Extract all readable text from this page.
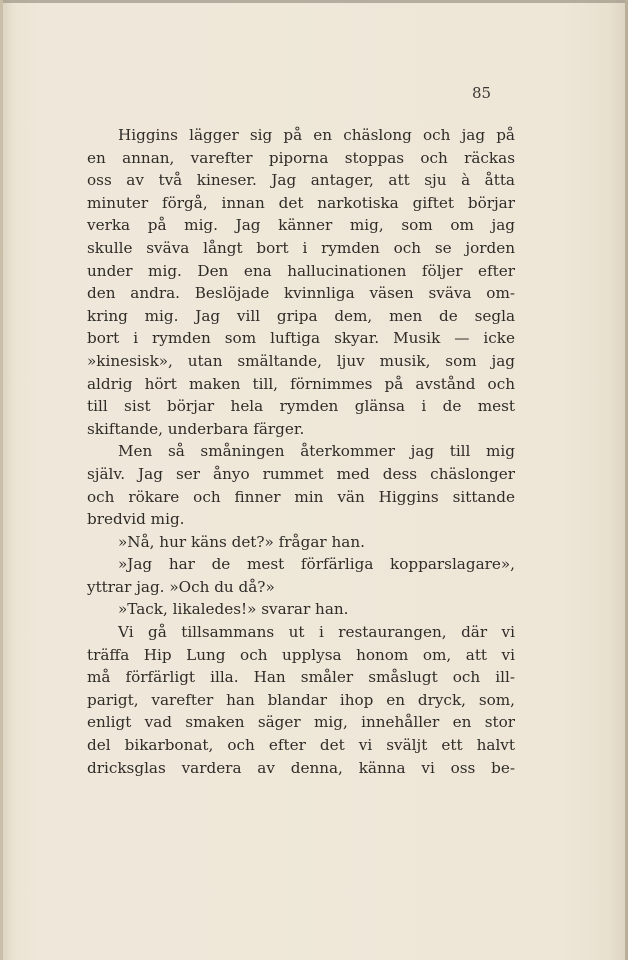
85
Higgins lägger sig på en chäslong och jag på
en annan, varefter piporna stoppas och räckas
oss av två kineser. Jag antager, att sju à åtta
minuter förgå, innan det narkotiska giftet börjar
verka på mig. Jag känner mig, som om jag
skulle sväva långt bort i rymden och se jorden
under mig. Den ena hallucinationen följer efter
den andra. Beslöjade kvinnliga väsen sväva om-
kring mig. Jag vill gripa dem, men de segla
bort i rymden som luftiga skyar. Musik — icke
»kinesisk», utan smältande, ljuv musik, som jag
aldrig hört maken till, förnimmes på avstånd och
till sist börjar hela rymden glänsa i de mest
skiftande, underbara färger.
Men så småningen återkommer jag till mig
själv. Jag ser ånyo rummet med dess chäslonger
och rökare och finner min vän Higgins sittande
bredvid mig.
»Nå, hur käns det?» frågar han.
»Jag har de mest förfärliga kopparslagare»,
yttrar jag. »Och du då?»
»Tack, likaledes!» svarar han.
Vi gå tillsammans ut i restaurangen, där vi
träffa Hip Lung och upplysa honom om, att vi
må förfärligt illa. Han småler småslugt och ill-
parigt, varefter han blandar ihop en dryck, som,
enligt vad smaken säger mig, innehåller en stor
del bikarbonat, och efter det vi sväljt ett halvt
dricksglas vardera av denna, känna vi oss be-
